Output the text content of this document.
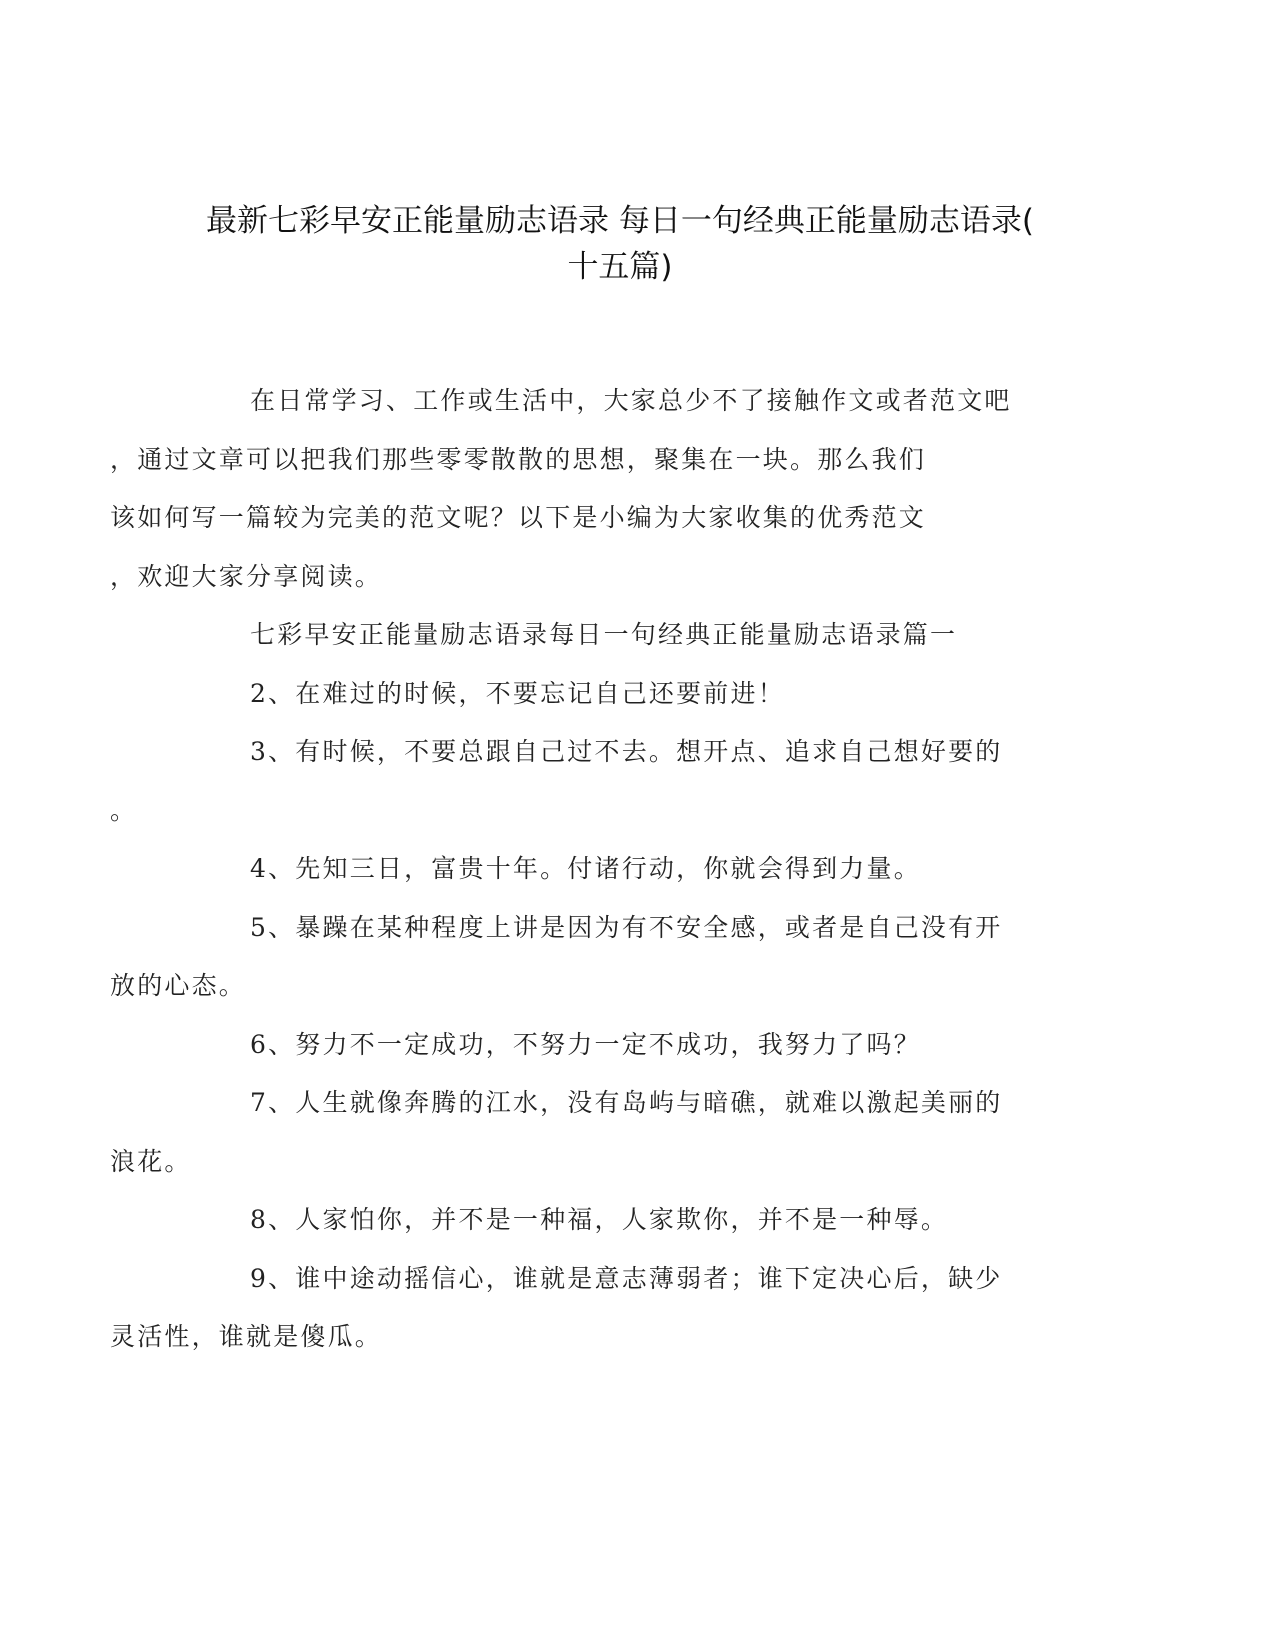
最新七彩早安正能量励志语录 每日一句经典正能量励志语录(
十五篇)

在日常学习、工作或生活中，大家总少不了接触作文或者范文吧
，通过文章可以把我们那些零零散散的思想，聚集在一块。那么我们
该如何写一篇较为完美的范文呢？以下是小编为大家收集的优秀范文
，欢迎大家分享阅读。

七彩早安正能量励志语录每日一句经典正能量励志语录篇一

2、在难过的时候，不要忘记自己还要前进！

3、有时候，不要总跟自己过不去。想开点、追求自己想好要的
。

4、先知三日，富贵十年。付诸行动，你就会得到力量。

5、暴躁在某种程度上讲是因为有不安全感，或者是自己没有开
放的心态。

6、努力不一定成功，不努力一定不成功，我努力了吗？

7、人生就像奔腾的江水，没有岛屿与暗礁，就难以激起美丽的
浪花。

8、人家怕你，并不是一种福，人家欺你，并不是一种辱。

9、谁中途动摇信心，谁就是意志薄弱者；谁下定决心后，缺少
灵活性，谁就是傻瓜。
